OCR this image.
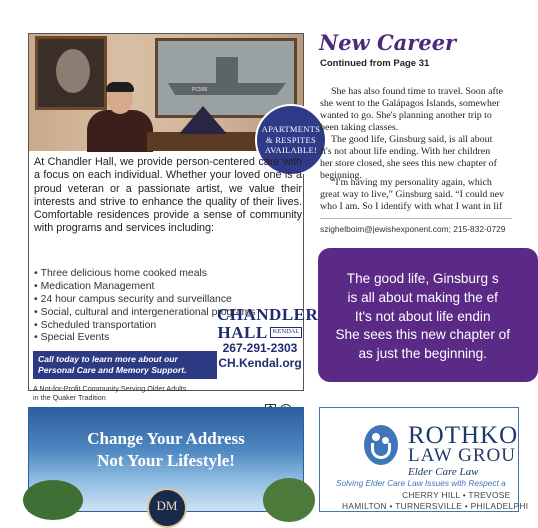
PC566
APARTMENTS
& RESPITES
AVAILABLE!

At Chandler Hall, we provide person-centered care with a focus on each individual. Whether your loved one is a proud veteran or a passionate artist, we value their interests and strive to enhance the quality of their lives. Comfortable residences provide a sense of community with programs and services including:

• Three delicious home cooked meals
• Medication Management
• 24 hour campus security and surveillance
• Social, cultural and intergenerational programs
• Scheduled transportation
• Special Events
Call today to learn more about our
Personal Care and Memory Support.
A Not-for-Profit Community Serving Older Adults
in the Quaker Tradition
CHANDLER
HALL KENDAL
267-291-2303
CH.Kendal.org
New Career
Continued from Page 31
She has also found time to travel. Soon afte
she went to the Galápagos Islands, somewher
wanted to go. She's planning another trip to
been taking classes.
The good life, Ginsburg said, is all about
It's not about life ending. With her children
her store closed, she sees this new chapter of
beginning.
“I'm having my personality again, which
great way to live,” Ginsburg said. “I could nev
who I am. So I identify with what I want in lif
szighelboim@jewishexponent.com; 215-832-0729
The good life, Ginsburg s
is all about making the ef
It's not about life endin
She sees this new chapter of
as just the beginning.
Change Your Address
Not Your Lifestyle!
DM
ROTHKO
LAW GROU
Elder Care Law
Solving Elder Care Law Issues with Respect a
CHERRY HILL • TREVOSE
HAMILTON • TURNERSVILLE • PHILADELPHI
